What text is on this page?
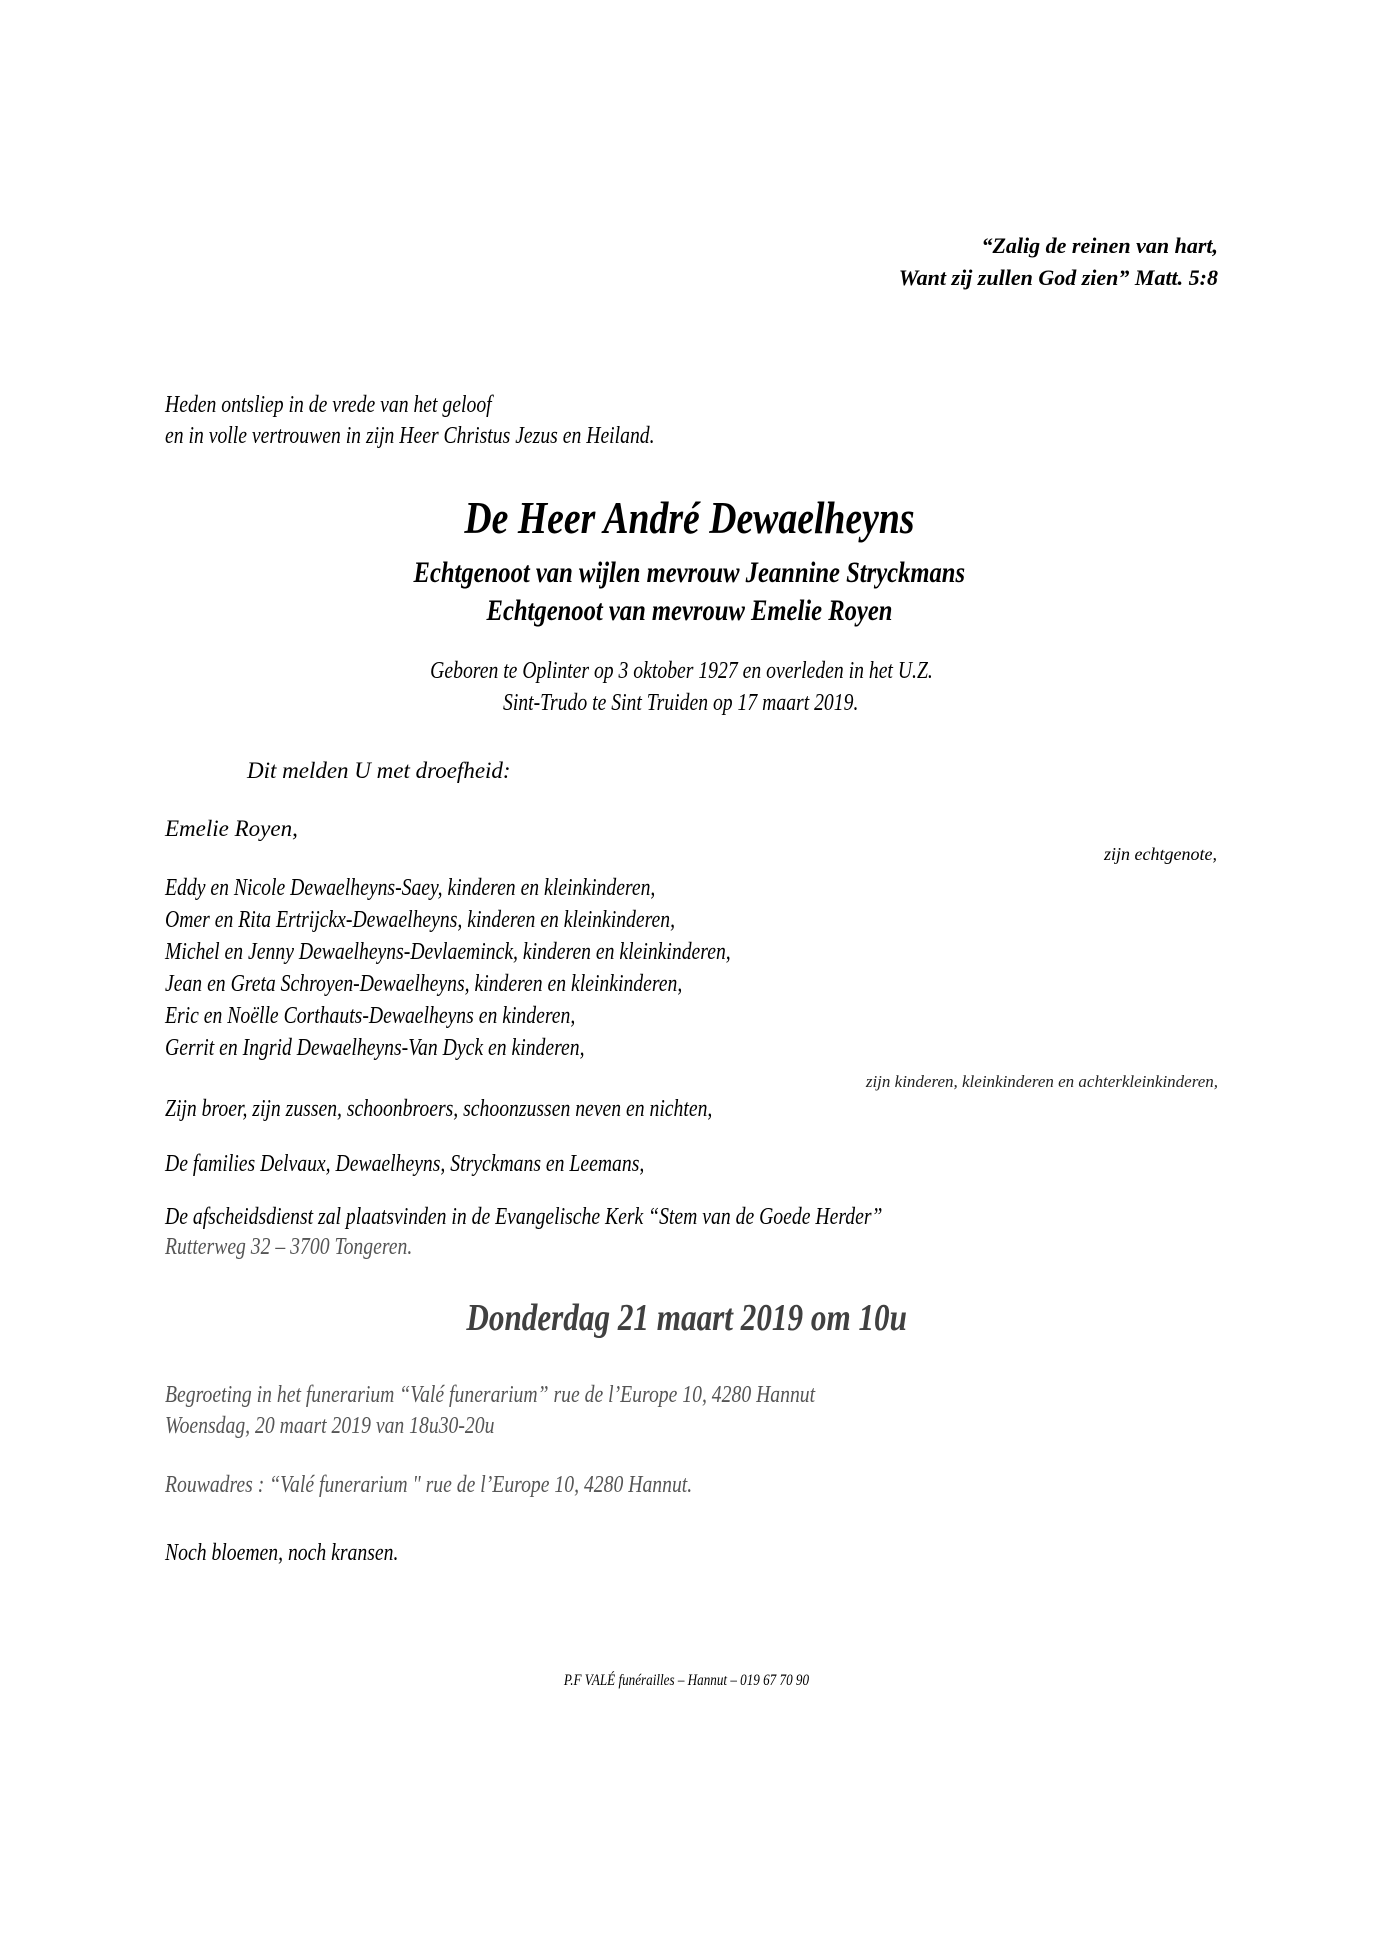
“Zalig de reinen van hart,
Want zij zullen God zien” Matt. 5:8
Heden ontsliep in de vrede van het geloof
en in volle vertrouwen in zijn Heer Christus Jezus en Heiland.
De Heer André Dewaelheyns
Echtgenoot van wijlen mevrouw Jeannine Stryckmans
Echtgenoot van mevrouw Emelie Royen
Geboren te Oplinter op 3 oktober 1927 en overleden in het U.Z.
Sint-Trudo te Sint Truiden op 17 maart 2019.
Dit melden U met droefheid:
Emelie Royen,
zijn echtgenote,
Eddy en Nicole Dewaelheyns-Saey, kinderen en kleinkinderen,
Omer en Rita Ertrijckx-Dewaelheyns, kinderen en kleinkinderen,
Michel en Jenny Dewaelheyns-Devlaeminck, kinderen en kleinkinderen,
Jean en Greta Schroyen-Dewaelheyns, kinderen en kleinkinderen,
Eric en Noëlle Corthauts-Dewaelheyns en kinderen,
Gerrit en Ingrid Dewaelheyns-Van Dyck en kinderen,
zijn kinderen, kleinkinderen en achterkleinkinderen,
Zijn broer, zijn zussen, schoonbroers, schoonzussen neven en nichten,
De families Delvaux, Dewaelheyns, Stryckmans en Leemans,
De afscheidsdienst zal plaatsvinden in de Evangelische Kerk “Stem van de Goede Herder”
Rutterweg 32 – 3700 Tongeren.
Donderdag 21 maart 2019 om 10u
Begroeting in het funerarium “Valé funerarium” rue de l’Europe 10, 4280 Hannut
Woensdag, 20 maart 2019 van 18u30-20u
Rouwadres : “Valé funerarium " rue de l’Europe 10, 4280 Hannut.
Noch bloemen, noch kransen.
P.F VALÉ funérailles – Hannut – 019 67 70 90
